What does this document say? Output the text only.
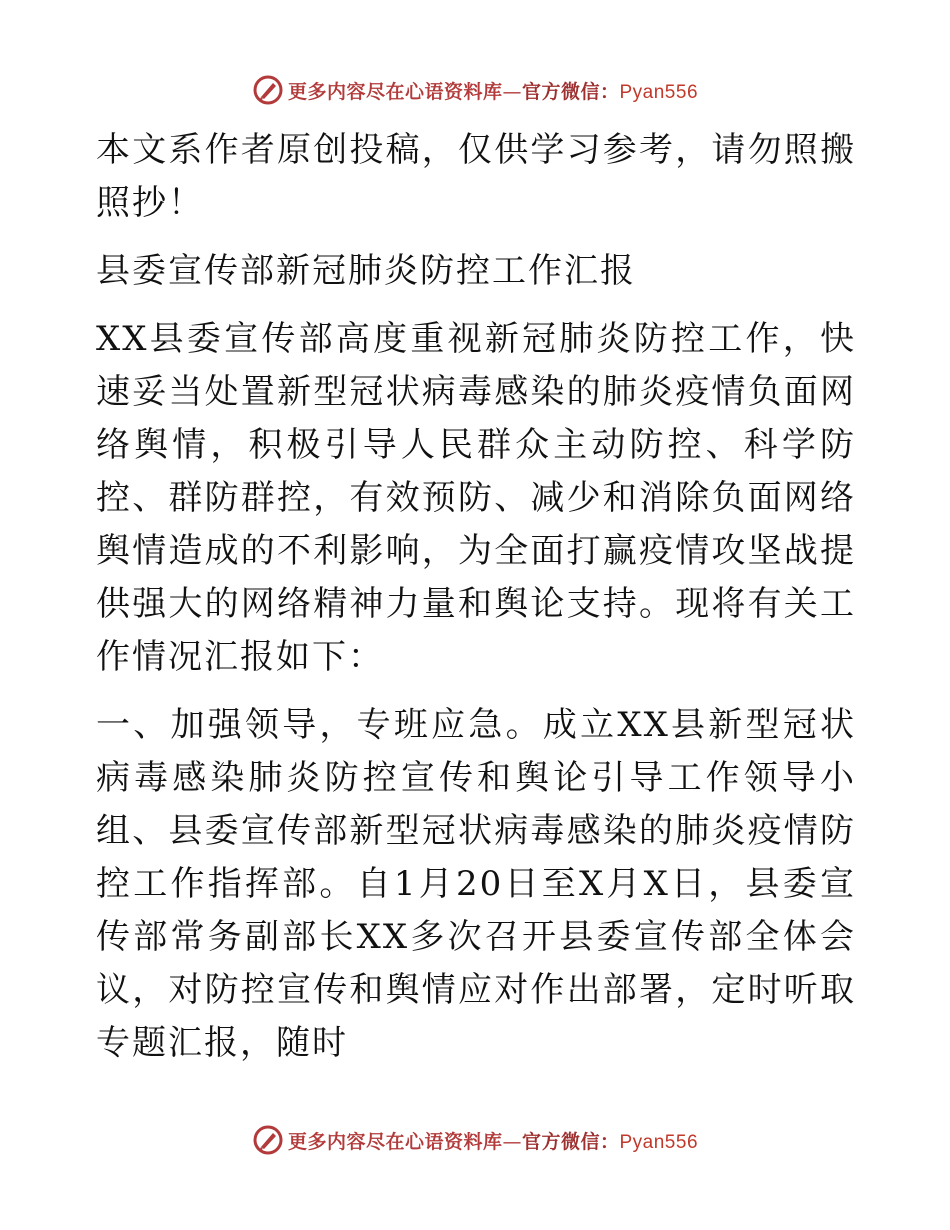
更多内容尽在心语资料库—官方微信：Pyan556

本文系作者原创投稿，仅供学习参考，请勿照搬照抄！

县委宣传部新冠肺炎防控工作汇报

XX县委宣传部高度重视新冠肺炎防控工作，快速妥当处置新型冠状病毒感染的肺炎疫情负面网络舆情，积极引导人民群众主动防控、科学防控、群防群控，有效预防、减少和消除负面网络舆情造成的不利影响，为全面打赢疫情攻坚战提供强大的网络精神力量和舆论支持。现将有关工作情况汇报如下：

一、加强领导，专班应急。成立XX县新型冠状病毒感染肺炎防控宣传和舆论引导工作领导小组、县委宣传部新型冠状病毒感染的肺炎疫情防控工作指挥部。自1月20日至X月X日，县委宣传部常务副部长XX多次召开县委宣传部全体会议，对防控宣传和舆情应对作出部署，定时听取专题汇报，随时

更多内容尽在心语资料库—官方微信：Pyan556
